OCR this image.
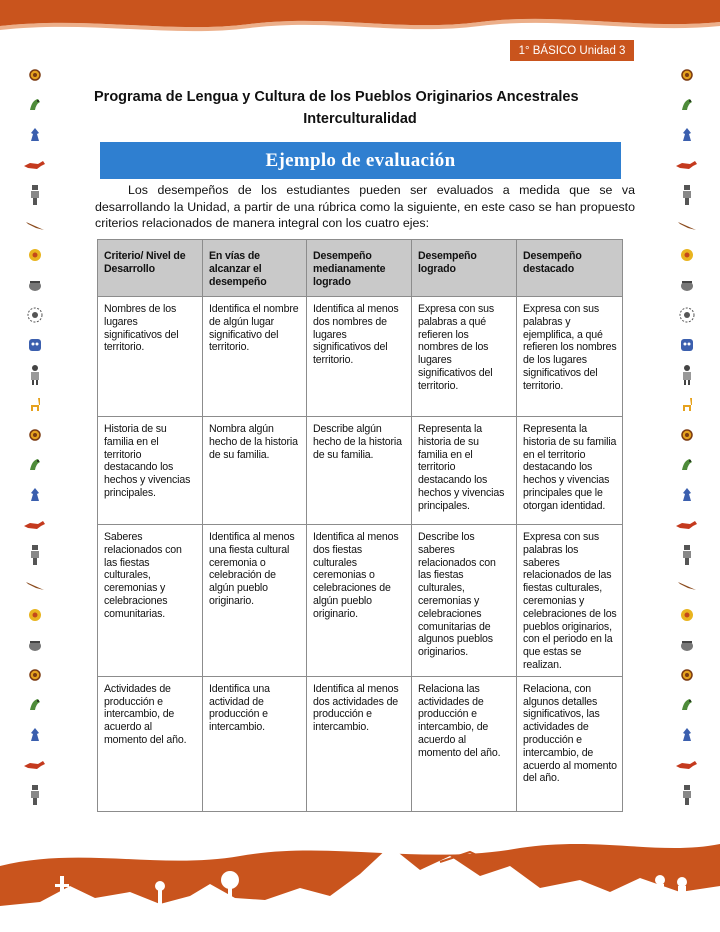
1° BÁSICO Unidad 3
Programa de Lengua y Cultura de los Pueblos Originarios Ancestrales
Interculturalidad
Ejemplo de evaluación

Los desempeños de los estudiantes pueden ser evaluados a medida que se va desarrollando la Unidad, a partir de una rúbrica como la siguiente, en este caso se han propuesto criterios relacionados de manera integral con los cuatro ejes:

Criterio/ Nivel de Desarrollo	En vías de alcanzar el desempeño	Desempeño medianamente logrado	Desempeño logrado	Desempeño destacado
Nombres de los lugares significativos del territorio.	Identifica el nombre de algún lugar significativo del territorio.	Identifica al menos dos nombres de lugares significativos del territorio.	Expresa con sus palabras a qué refieren los nombres de los lugares significativos del territorio.	Expresa con sus palabras y ejemplifica, a qué refieren los nombres de los lugares significativos del territorio.
Historia de su familia en el territorio destacando los hechos y vivencias principales.	Nombra algún hecho de la historia de su familia.	Describe algún hecho de la historia de su familia.	Representa la historia de su familia en el territorio destacando los hechos y vivencias principales.	Representa la historia de su familia en el territorio destacando los hechos y vivencias principales que le otorgan identidad.
Saberes relacionados con las fiestas culturales, ceremonias y celebraciones comunitarias.	Identifica al menos una fiesta cultural ceremonia o celebración de algún pueblo originario.	Identifica al menos dos fiestas culturales ceremonias o celebraciones de algún pueblo originario.	Describe los saberes relacionados con las fiestas culturales, ceremonias y celebraciones comunitarias de algunos pueblos originarios.	Expresa con sus palabras los saberes relacionados de las fiestas culturales, ceremonias y celebraciones de los pueblos originarios, con el periodo en la que estas se realizan.
Actividades de producción e intercambio, de acuerdo al momento del año.	Identifica una actividad de producción e intercambio.	Identifica al menos dos actividades de producción e intercambio.	Relaciona las actividades de producción e intercambio, de acuerdo al momento del año.	Relaciona, con algunos detalles significativos, las actividades de producción e intercambio, de acuerdo al momento del año.
